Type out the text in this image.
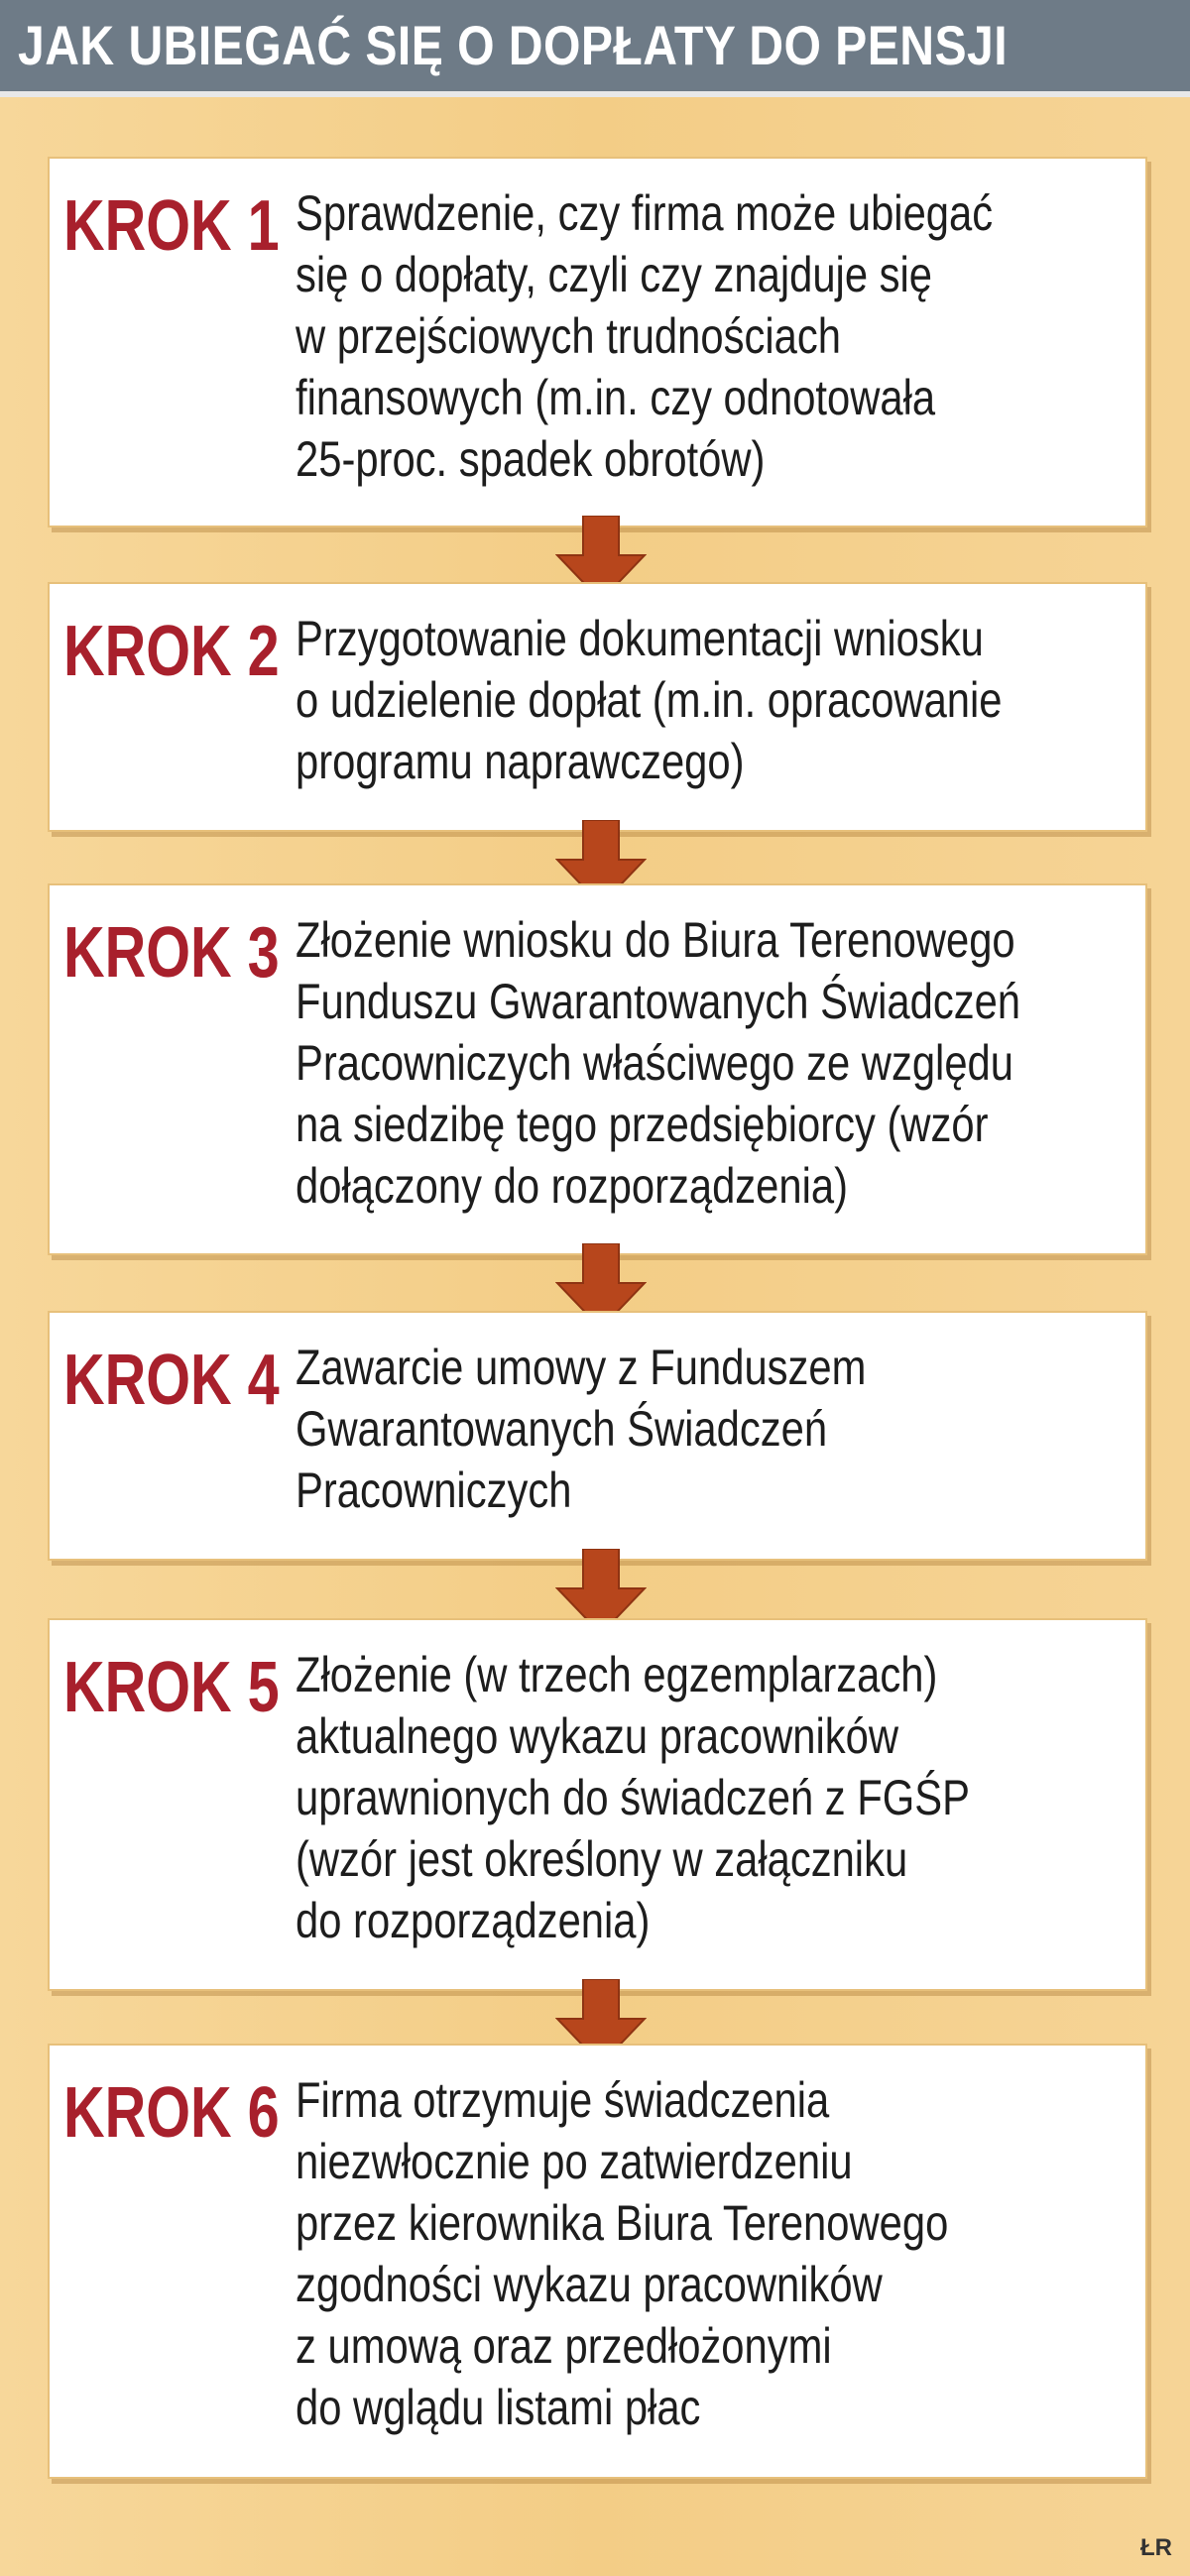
JAK UBIEGAĆ SIĘ O DOPŁATY DO PENSJI
KROK 1 Sprawdzenie, czy firma może ubiegać
się o dopłaty, czyli czy znajduje się
w przejściowych trudnościach
finansowych (m.in. czy odnotowała
25-proc. spadek obrotów)
KROK 2 Przygotowanie dokumentacji wniosku
o udzielenie dopłat (m.in. opracowanie
programu naprawczego)
KROK 3 Złożenie wniosku do Biura Terenowego
Funduszu Gwarantowanych Świadczeń
Pracowniczych właściwego ze względu
na siedzibę tego przedsiębiorcy (wzór
dołączony do rozporządzenia)
KROK 4 Zawarcie umowy z Funduszem
Gwarantowanych Świadczeń
Pracowniczych
KROK 5 Złożenie (w trzech egzemplarzach)
aktualnego wykazu pracowników
uprawnionych do świadczeń z FGŚP
(wzór jest określony w załączniku
do rozporządzenia)
KROK 6 Firma otrzymuje świadczenia
niezwłocznie po zatwierdzeniu
przez kierownika Biura Terenowego
zgodności wykazu pracowników
z umową oraz przedłożonymi
do wglądu listami płac
ŁR
